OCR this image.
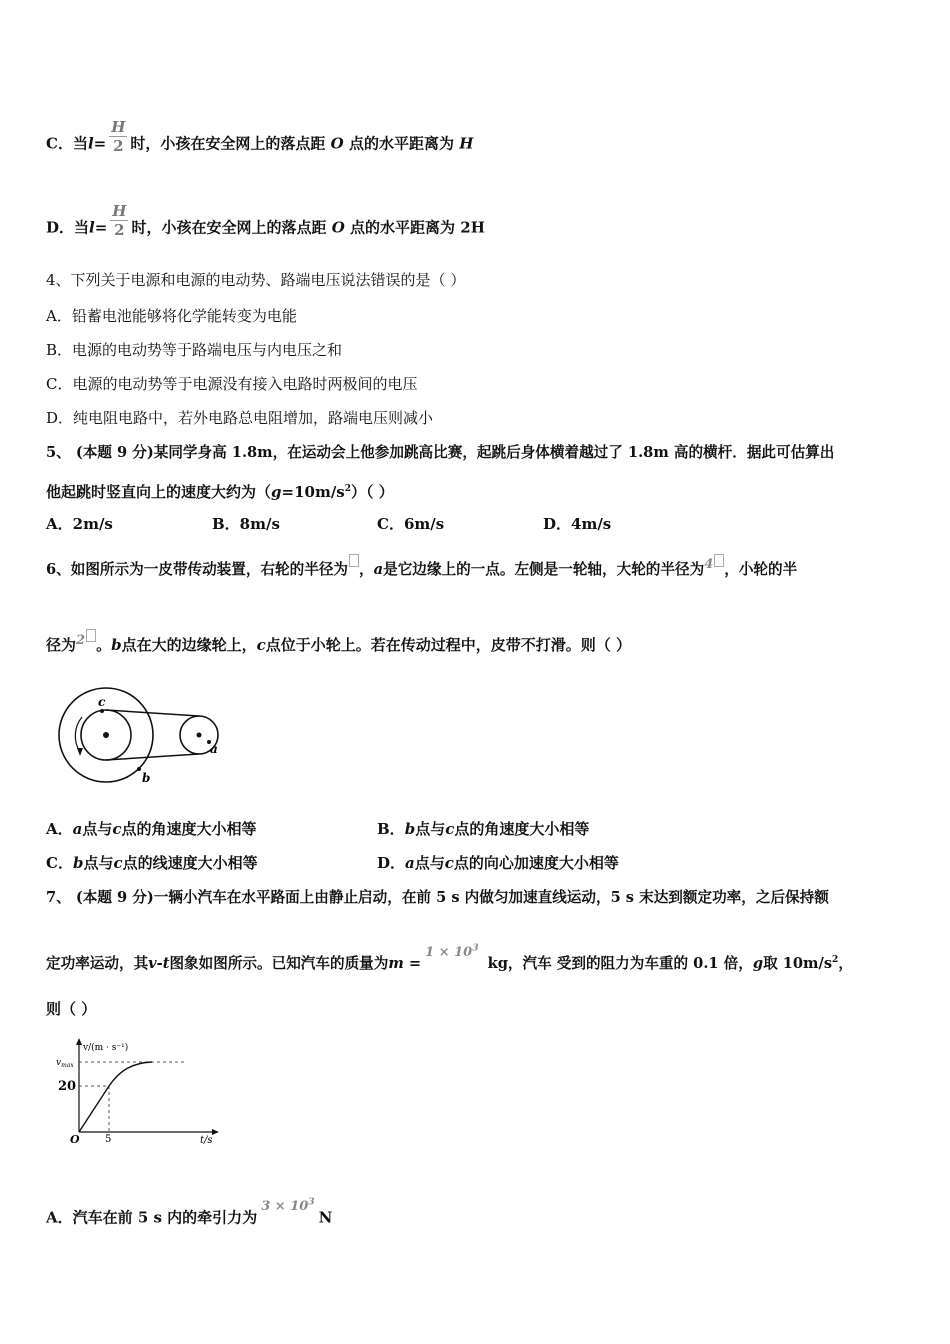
C．当$l= \frac{H}{2}$ 时，小孩在安全网上的落点距 O 点的水平距离为 H
D．当$l= \frac{H}{2}$ 时，小孩在安全网上的落点距 O 点的水平距离为 2H
4、下列关于电源和电源的电动势、路端电压说法错误的是（ ）
A．铅蓄电池能够将化学能转变为电能
B．电源的电动势等于路端电压与内电压之和
C．电源的电动势等于电源没有接入电路时两极间的电压
D．纯电阻电路中，若外电路总电阻增加，路端电压则减小
5、 (本题 9 分)某同学身高 1.8m，在运动会上他参加跳高比赛，起跳后身体横着越过了 1.8m 高的横杆．据此可估算出
他起跳时竖直向上的速度大约为$(g=10m/s^2)$（ ）
A．2m/s	B．8m/s	C．6m/s	D．4m/s
6、如图所示为一皮带传动装置，右轮的半径为 ，a是它边缘上的一点。左侧是一轮轴，大轮的半径为4 ，小轮的半
径为2 。b点在大的边缘轮上，c点位于小轮上。若在传动过程中，皮带不打滑。则（ ）
c
b
a
A．a点与c点的角速度大小相等	B．b点与c点的角速度大小相等
C．b点与c点的线速度大小相等	D．a点与c点的向心加速度大小相等
7、 (本题 9 分)一辆小汽车在水平路面上由静止启动，在前 5 s 内做匀加速直线运动，5 s 末达到额定功率，之后保持额
定功率运动，其v-t图象如图所示。已知汽车的质量为$m =1 \times 10^3$ kg，汽车 受到的阻力为车重的 0.1 倍，g取 $10m/s^2$，
则（ ）
v/(m · s⁻¹)
$v_{max}$
20
O	5	t/s
A．汽车在前 5 s 内的牵引力为$3 \times 10^3N$
